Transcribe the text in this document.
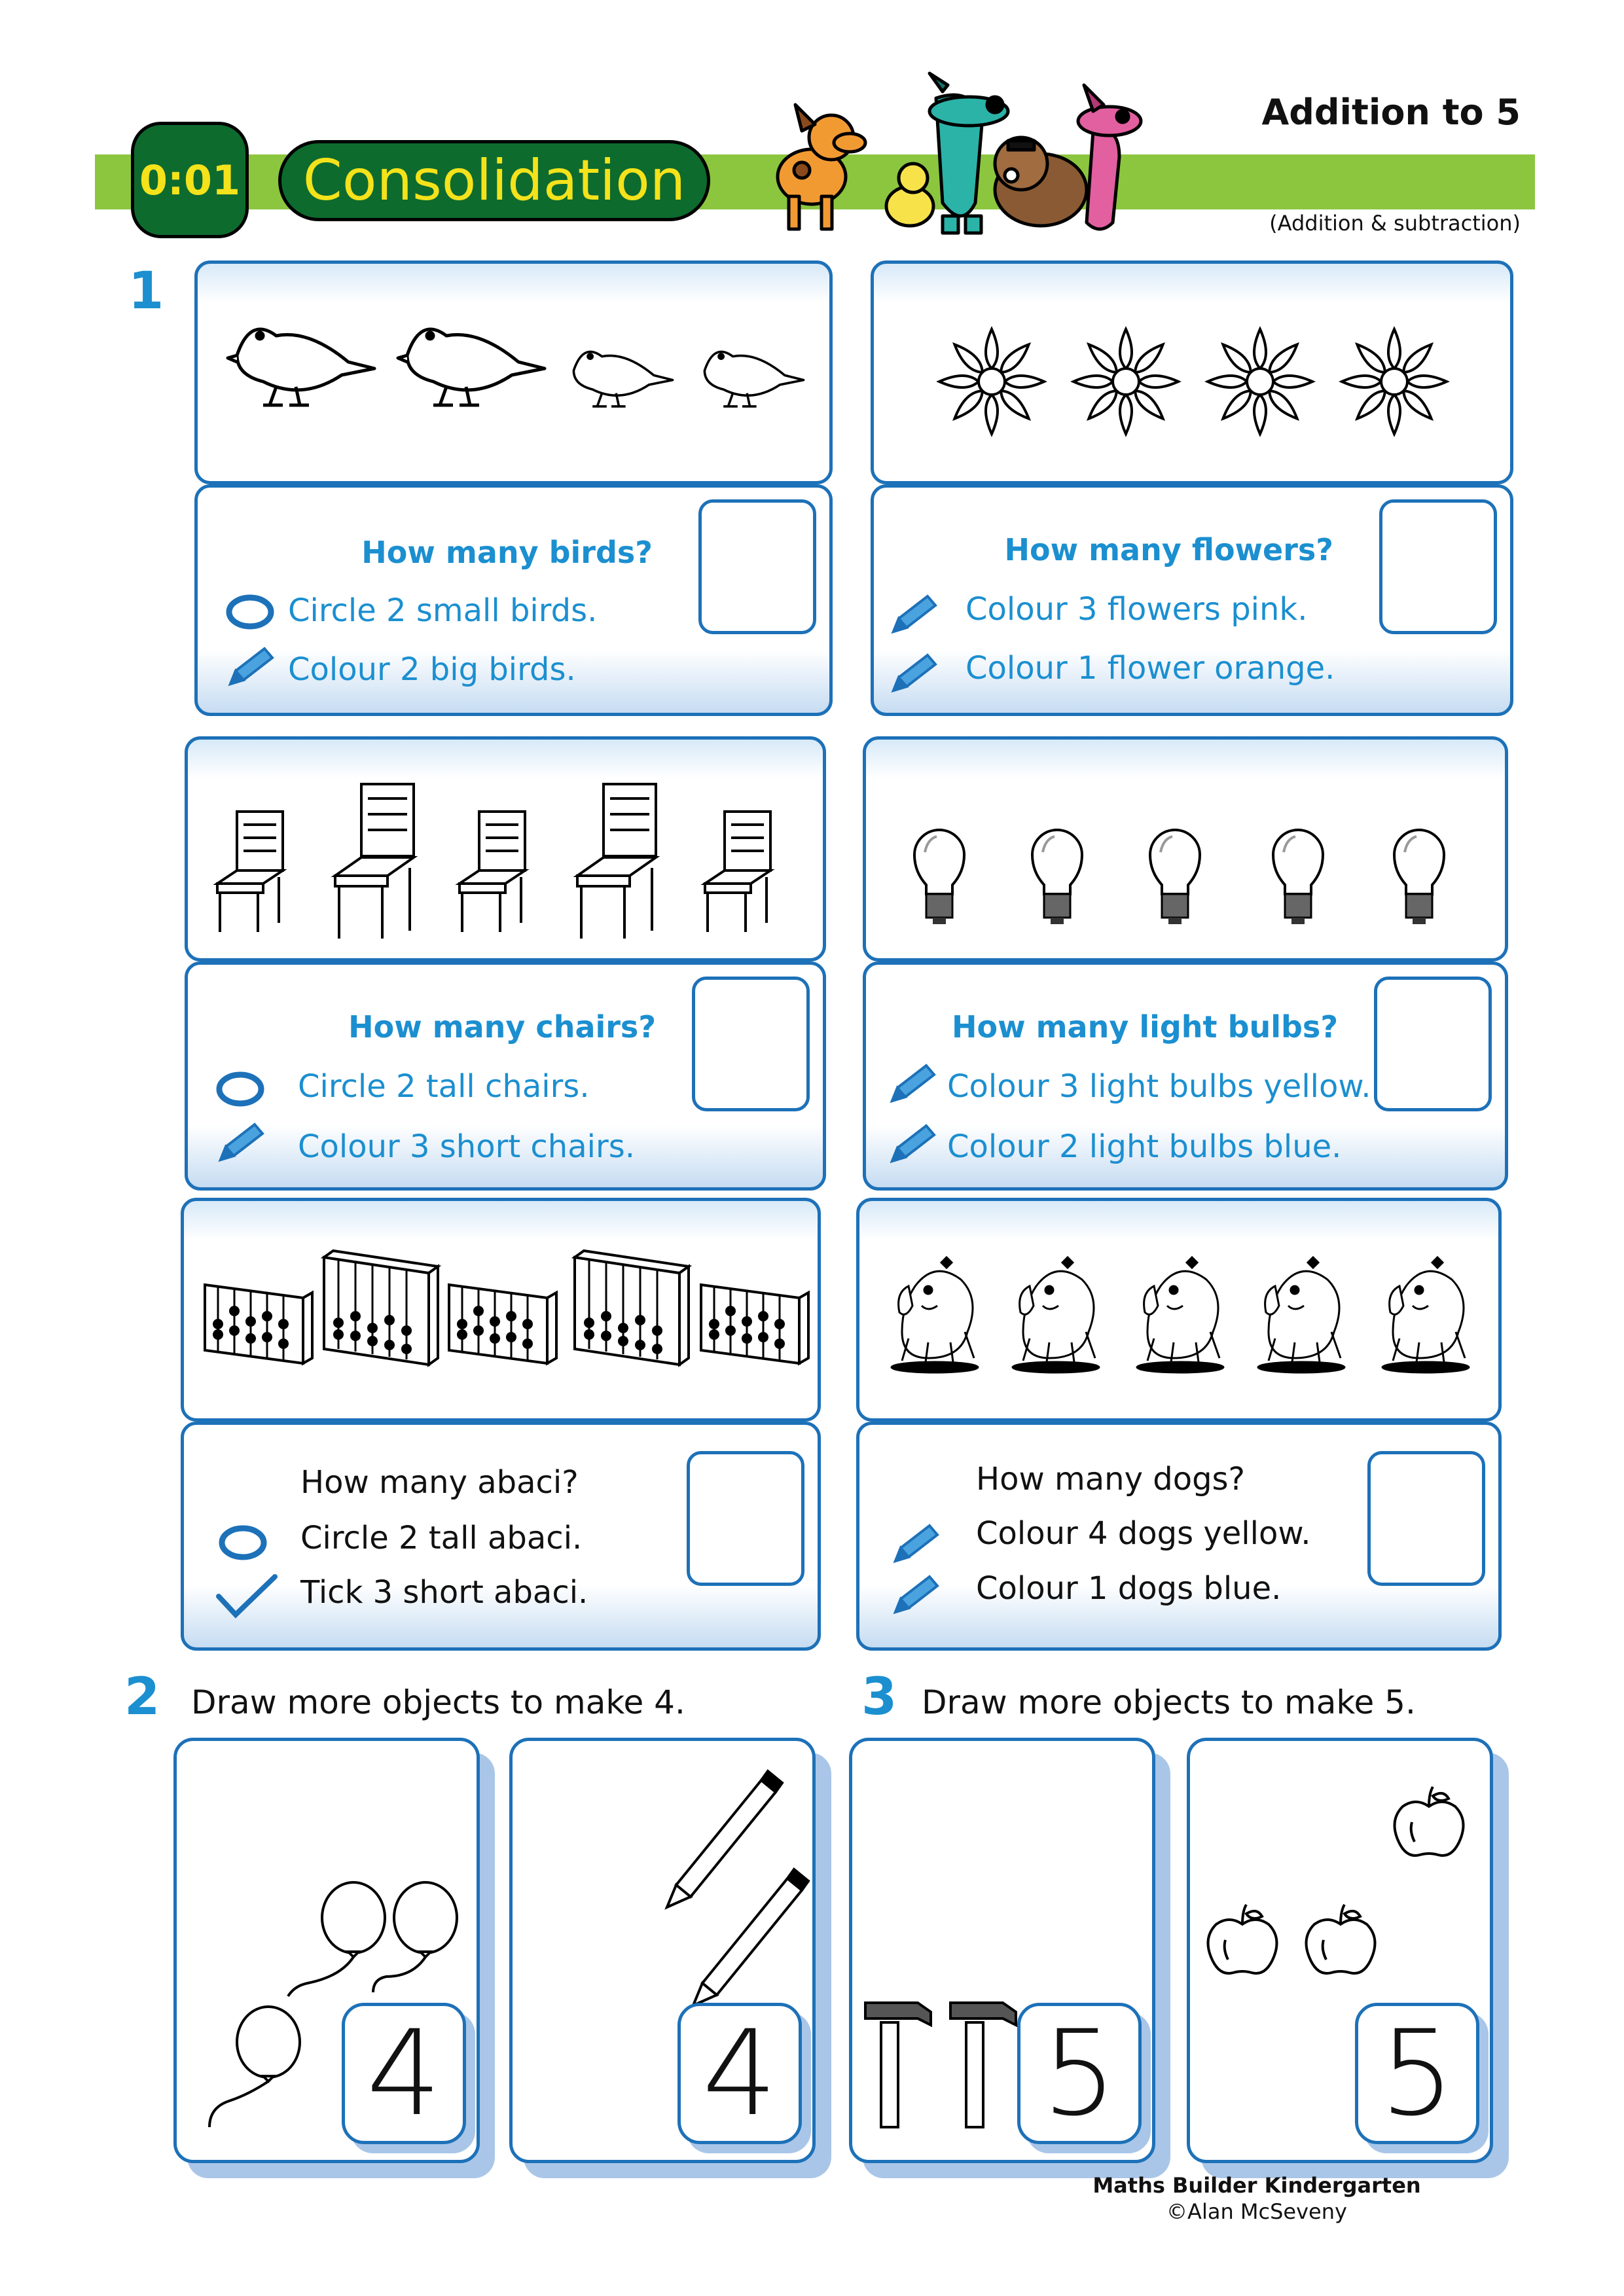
0:01	Consolidation
Addition to 5
(Addition & subtraction)
1
How many birds?
Circle 2 small birds.
Colour 2 big birds.
How many flowers?
Colour 3 flowers pink.
Colour 1 flower orange.
How many chairs?
Circle 2 tall chairs.
Colour 3 short chairs.
How many light bulbs?
Colour 3 light bulbs yellow.
Colour 2 light bulbs blue.
How many abaci?
Circle 2 tall abaci.
Tick 3 short abaci.
How many dogs?
Colour 4 dogs yellow.
Colour 1 dogs blue.
2 Draw more objects to make 4.	3 Draw more objects to make 5.
4 4 5 5
Maths Builder Kindergarten
©Alan McSeveny
